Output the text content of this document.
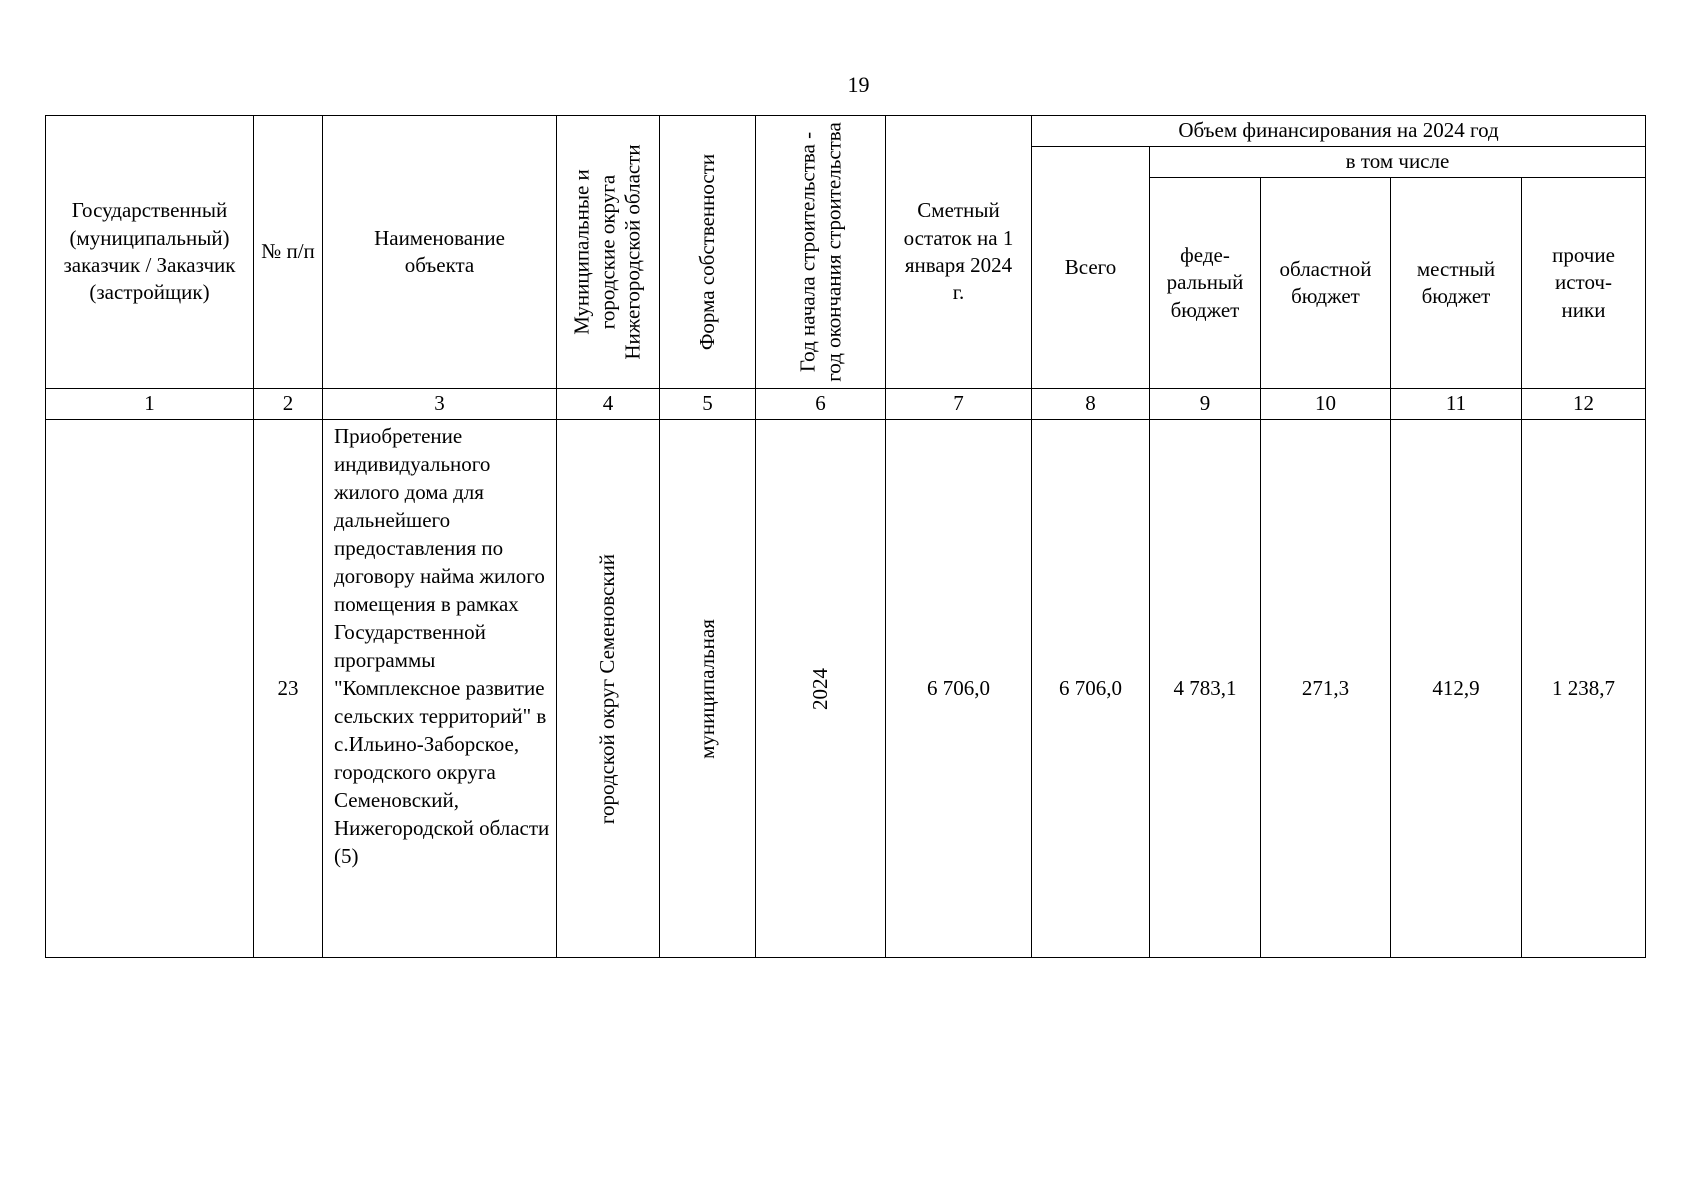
19
Государственный (муниципальный) заказчик / Заказчик (застройщик)	№ п/п	Наименование объекта	Муниципальные и городские округа Нижегородской области	Форма собственности	Год начала строительства - год окончания строительства	Сметный остаток на 1 января 2024 г.	Объем финансирования на 2024 год				
							Всего	в том числе			

								феде-ральный бюджет	областной бюджет	местный бюджет	прочие источ-ники

1	2	3	4	5	6	7	8	9	10	11	12
	23	Приобретение индивидуального жилого дома для дальнейшего предоставления по договору найма жилого помещения в рамках Государственной программы "Комплексное развитие сельских территорий" в с.Ильино-Заборское, городского округа Семеновский, Нижегородской области (5)	городской округ Семеновский	муниципальная	2024	6 706,0	6 706,0	4 783,1	271,3	412,9	1 238,7
